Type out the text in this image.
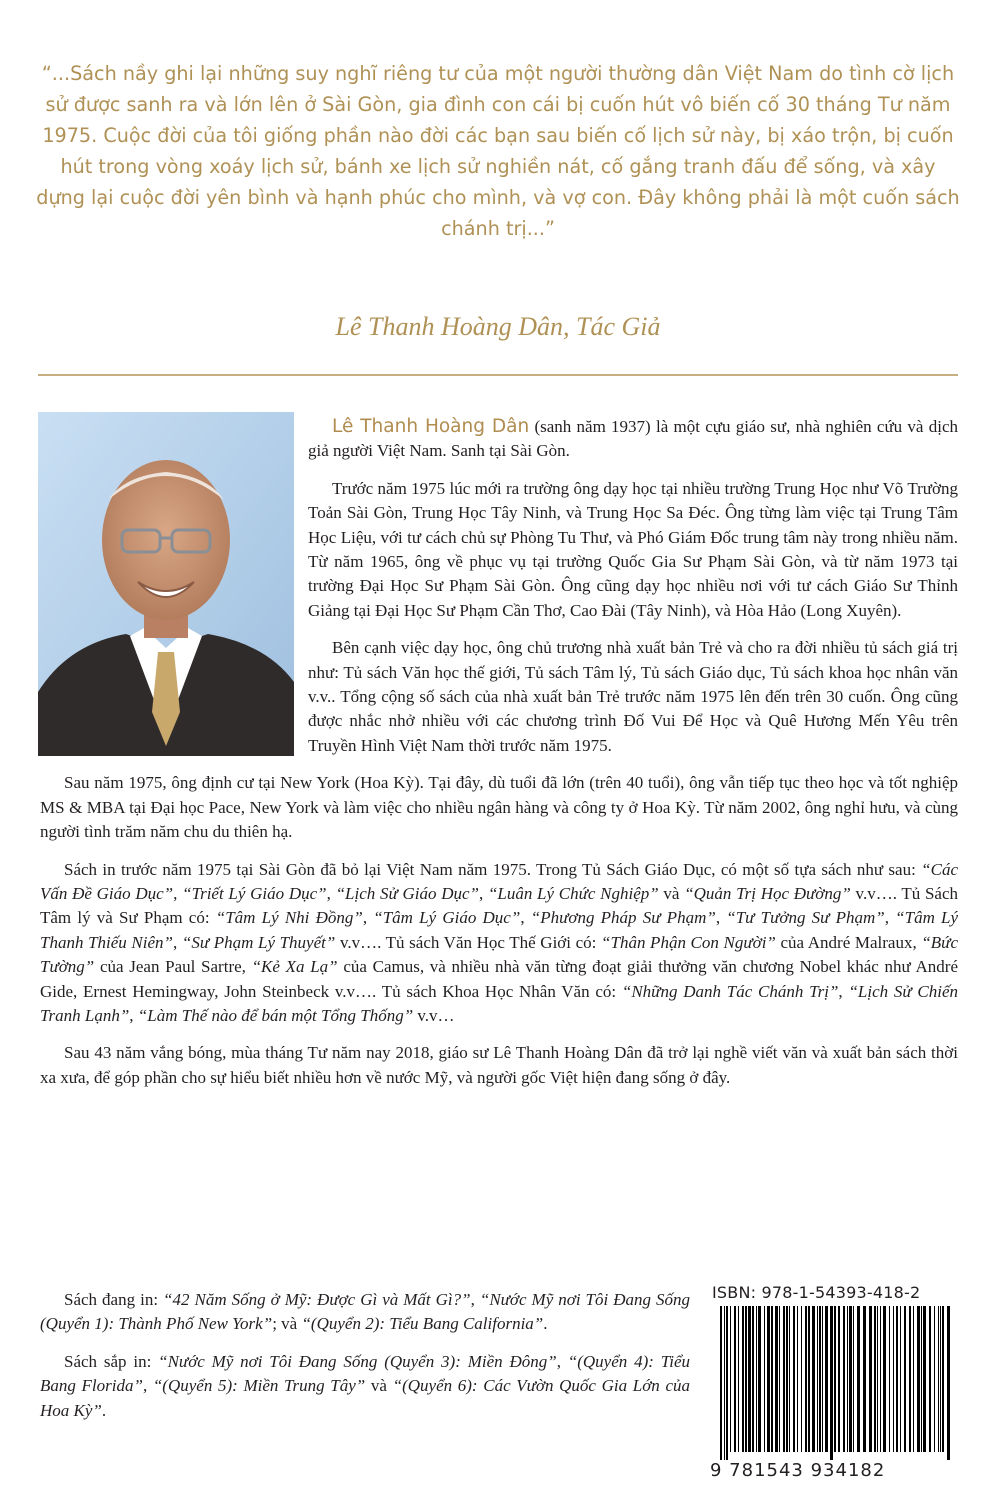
“...Sách nầy ghi lại những suy nghĩ riêng tư của một người thường dân Việt Nam do tình cờ lịch sử được sanh ra và lớn lên ở Sài Gòn, gia đình con cái bị cuốn hút vô biến cố 30 tháng Tư năm 1975. Cuộc đời của tôi giống phần nào đời các bạn sau biến cố lịch sử này, bị xáo trộn, bị cuốn hút trong vòng xoáy lịch sử, bánh xe lịch sử nghiền nát, cố gắng tranh đấu để sống, và xây dựng lại cuộc đời yên bình và hạnh phúc cho mình, và vợ con. Đây không phải là một cuốn sách chánh trị...”

Lê Thanh Hoàng Dân, Tác Giả

Lê Thanh Hoàng Dân (sanh năm 1937) là một cựu giáo sư, nhà nghiên cứu và dịch giả người Việt Nam. Sanh tại Sài Gòn.

Trước năm 1975 lúc mới ra trường ông dạy học tại nhiều trường Trung Học như Võ Trường Toản Sài Gòn, Trung Học Tây Ninh, và Trung Học Sa Đéc. Ông từng làm việc tại Trung Tâm Học Liệu, với tư cách chủ sự Phòng Tu Thư, và Phó Giám Đốc trung tâm này trong nhiều năm. Từ năm 1965, ông về phục vụ tại trường Quốc Gia Sư Phạm Sài Gòn, và từ năm 1973 tại trường Đại Học Sư Phạm Sài Gòn. Ông cũng dạy học nhiều nơi với tư cách Giáo Sư Thỉnh Giảng tại Đại Học Sư Phạm Cần Thơ, Cao Đài (Tây Ninh), và Hòa Hảo (Long Xuyên).

Bên cạnh việc dạy học, ông chủ trương nhà xuất bản Trẻ và cho ra đời nhiều tủ sách giá trị như: Tủ sách Văn học thế giới, Tủ sách Tâm lý, Tủ sách Giáo dục, Tủ sách khoa học nhân văn v.v.. Tổng cộng số sách của nhà xuất bản Trẻ trước năm 1975 lên đến trên 30 cuốn. Ông cũng được nhắc nhở nhiều với các chương trình Đố Vui Để Học và Quê Hương Mến Yêu trên Truyền Hình Việt Nam thời trước năm 1975.

Sau năm 1975, ông định cư tại New York (Hoa Kỳ). Tại đây, dù tuổi đã lớn (trên 40 tuổi), ông vẫn tiếp tục theo học và tốt nghiệp MS & MBA tại Đại học Pace, New York và làm việc cho nhiều ngân hàng và công ty ở Hoa Kỳ. Từ năm 2002, ông nghỉ hưu, và cùng người tình trăm năm chu du thiên hạ.

Sách in trước năm 1975 tại Sài Gòn đã bỏ lại Việt Nam năm 1975. Trong Tủ Sách Giáo Dục, có một số tựa sách như sau: “Các Vấn Đề Giáo Dục”, “Triết Lý Giáo Dục”, “Lịch Sử Giáo Dục”, “Luân Lý Chức Nghiệp” và “Quản Trị Học Đường” v.v…. Tủ Sách Tâm lý và Sư Phạm có: “Tâm Lý Nhi Đồng”, “Tâm Lý Giáo Dục”, “Phương Pháp Sư Phạm”, “Tư Tưởng Sư Phạm”, “Tâm Lý Thanh Thiếu Niên”, “Sư Phạm Lý Thuyết” v.v…. Tủ sách Văn Học Thế Giới có: “Thân Phận Con Người” của André Malraux, “Bức Tường” của Jean Paul Sartre, “Kẻ Xa Lạ” của Camus, và nhiều nhà văn từng đoạt giải thưởng văn chương Nobel khác như André Gide, Ernest Hemingway, John Steinbeck v.v…. Tủ sách Khoa Học Nhân Văn có: “Những Danh Tác Chánh Trị”, “Lịch Sử Chiến Tranh Lạnh”, “Làm Thế nào để bán một Tổng Thống” v.v…

Sau 43 năm vắng bóng, mùa tháng Tư năm nay 2018, giáo sư Lê Thanh Hoàng Dân đã trở lại nghề viết văn và xuất bản sách thời xa xưa, để góp phần cho sự hiểu biết nhiều hơn về nước Mỹ, và người gốc Việt hiện đang sống ở đây.

Sách đang in: “42 Năm Sống ở Mỹ: Được Gì và Mất Gì?”, “Nước Mỹ nơi Tôi Đang Sống (Quyển 1): Thành Phố New York”; và “(Quyển 2): Tiểu Bang California”.

Sách sắp in: “Nước Mỹ nơi Tôi Đang Sống (Quyển 3): Miền Đông”, “(Quyển 4): Tiểu Bang Florida”, “(Quyển 5): Miền Trung Tây” và “(Quyển 6): Các Vườn Quốc Gia Lớn của Hoa Kỳ”.

ISBN: 978-1-54393-418-2
9 781543 934182
